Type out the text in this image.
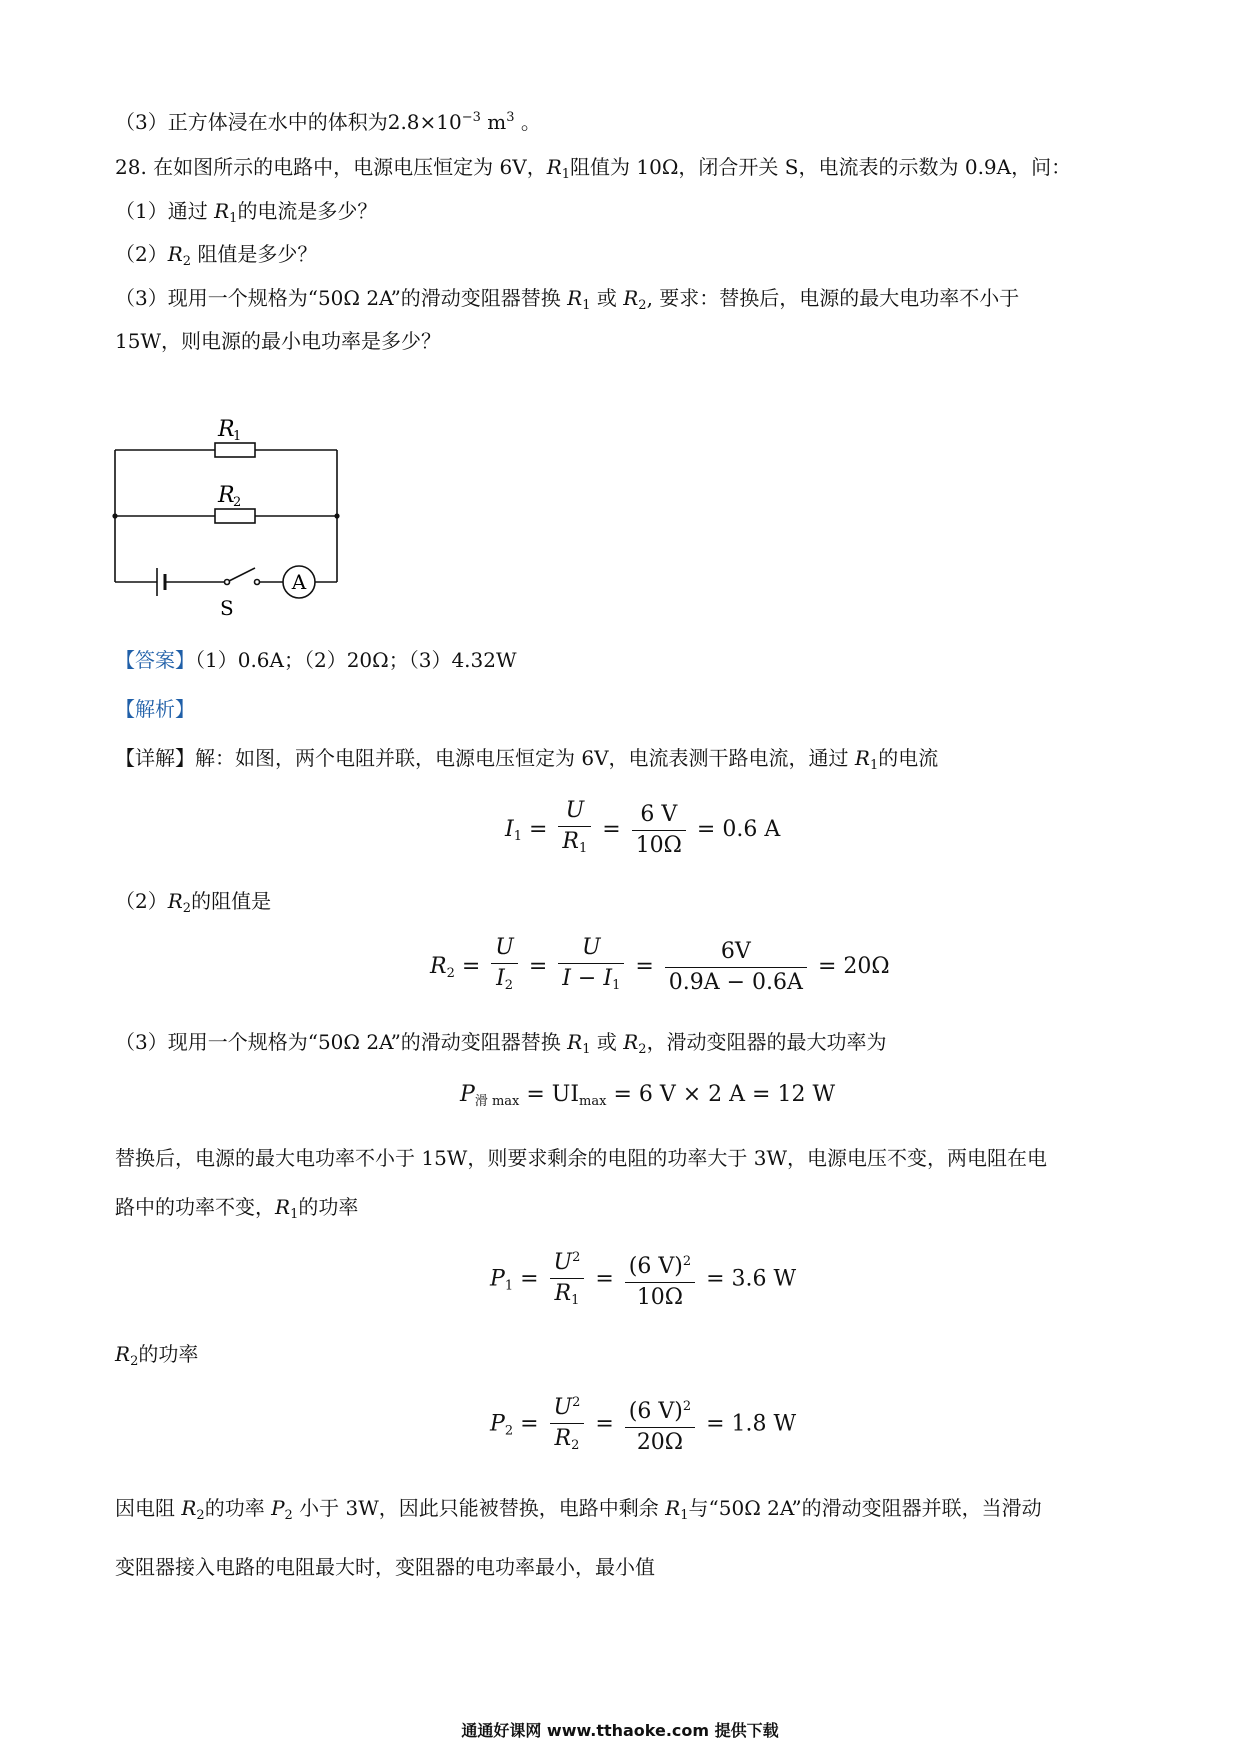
（3）正方体浸在水中的体积为$2.8\times 10^{-3}$ $m^3$ 。
28. 在如图所示的电路中，电源电压恒定为 6V，$R_1$阻值为 10Ω，闭合开关 S，电流表的示数为 0.9A，问：
（1）通过 $R_1$的电流是多少？
$(2)R_2$ 阻值是多少？
（3）现用一个规格为“50Ω 2A”的滑动变阻器替换 $R_1$ 或 $R_2$, 要求：替换后，电源的最大电功率不小于
15W，则电源的最小电功率是多少？
A
R
1
R
2
S
【答案】（1）0.6A；（2）20Ω；（3）4.32W
【解析】
【详解】解：如图，两个电阻并联，电源电压恒定为 6V，电流表测干路电流，通过 $R_1$的电流
$I_1 = \frac{U}{R_1} = \frac{6 V}{10\Omega} = 0.6$ A
$(2)R_2$的阻值是
$R_2 = \frac{U}{I_2} = \frac{U}{I - I_1} = \frac{6V}{0.9A - 0.6A} = 20\Omega$
（3）现用一个规格为“50Ω 2A”的滑动变阻器替换 $R_1$ 或 $R_2$，滑动变阻器的最大功率为
$P_{滑 max} = UI_{max} = 6$ V × 2 A = 12 W
替换后，电源的最大电功率不小于 15W，则要求剩余的电阻的功率大于 3W，电源电压不变，两电阻在电
路中的功率不变，$R_1$的功率
$P_1 = \frac{U^2}{R_1} = \frac{(6 V)^2}{10\Omega} = 3.6$ W
$R_2$的功率
$P_2 = \frac{U^2}{R_2} = \frac{(6 V)^2}{20\Omega} = 1.8$ W
因电阻 $R_2$的功率 $P_2$ 小于 3W，因此只能被替换，电路中剩余 $R_1$与“50Ω 2A”的滑动变阻器并联，当滑动
变阻器接入电路的电阻最大时，变阻器的电功率最小，最小值
通通好课网 www.tthaoke.com 提供下载
